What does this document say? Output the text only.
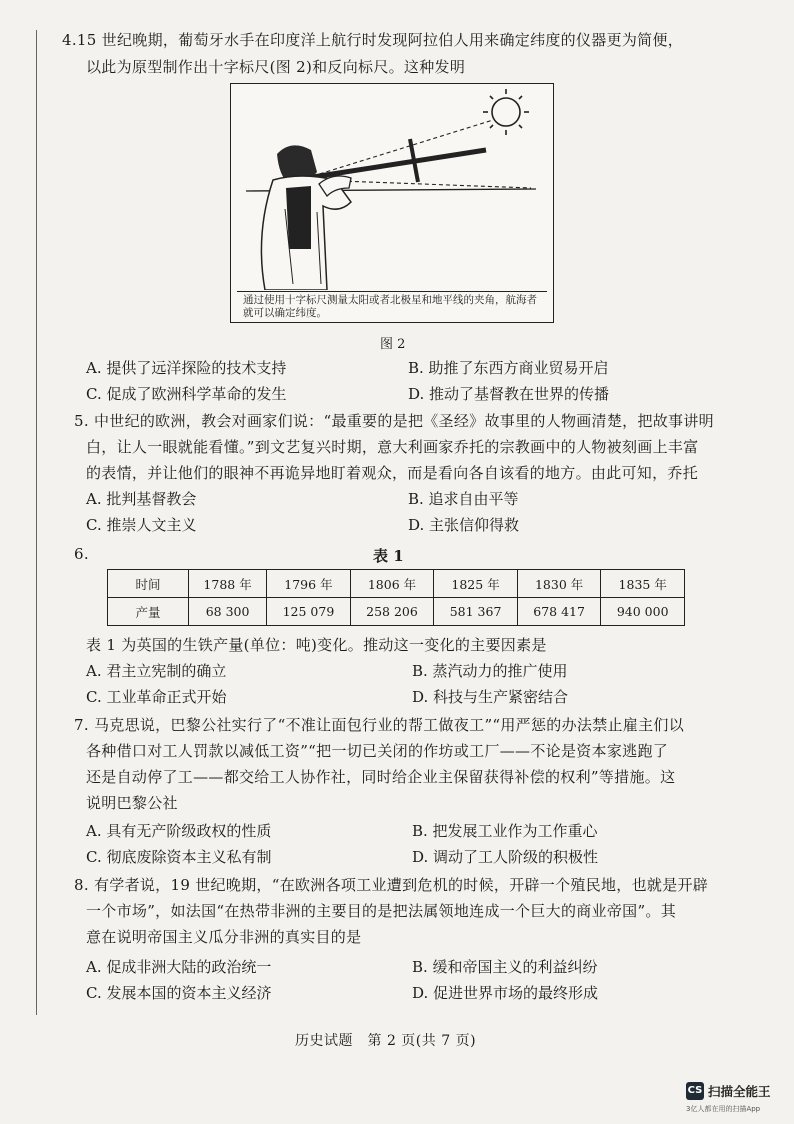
4.15 世纪晚期，葡萄牙水手在印度洋上航行时发现阿拉伯人用来确定纬度的仪器更为简便，
以此为原型制作出十字标尺(图 2)和反向标尺。这种发明
通过使用十字标尺测量太阳或者北极星和地平线的夹角，航海者就可以确定纬度。
图 2
A. 提供了远洋探险的技术支持	B. 助推了东西方商业贸易开启
C. 促成了欧洲科学革命的发生	D. 推动了基督教在世界的传播
5. 中世纪的欧洲，教会对画家们说：“最重要的是把《圣经》故事里的人物画清楚，把故事讲明
白，让人一眼就能看懂。”到文艺复兴时期，意大利画家乔托的宗教画中的人物被刻画上丰富
的表情，并让他们的眼神不再诡异地盯着观众，而是看向各自该看的地方。由此可知，乔托
A. 批判基督教会	B. 追求自由平等
C. 推崇人文主义	D. 主张信仰得救
6.	表 1
时间	1788 年	1796 年	1806 年	1825 年	1830 年	1835 年
产量	68 300	125 079	258 206	581 367	678 417	940 000
表 1 为英国的生铁产量(单位：吨)变化。推动这一变化的主要因素是
A. 君主立宪制的确立	B. 蒸汽动力的推广使用
C. 工业革命正式开始	D. 科技与生产紧密结合
7. 马克思说，巴黎公社实行了“不准让面包行业的帮工做夜工”“用严惩的办法禁止雇主们以
各种借口对工人罚款以减低工资”“把一切已关闭的作坊或工厂——不论是资本家逃跑了
还是自动停了工——都交给工人协作社，同时给企业主保留获得补偿的权利”等措施。这
说明巴黎公社
A. 具有无产阶级政权的性质	B. 把发展工业作为工作重心
C. 彻底废除资本主义私有制	D. 调动了工人阶级的积极性
8. 有学者说，19 世纪晚期，“在欧洲各项工业遭到危机的时候，开辟一个殖民地，也就是开辟
一个市场”，如法国“在热带非洲的主要目的是把法属领地连成一个巨大的商业帝国”。其
意在说明帝国主义瓜分非洲的真实目的是
A. 促成非洲大陆的政治统一	B. 缓和帝国主义的利益纠纷
C. 发展本国的资本主义经济	D. 促进世界市场的最终形成
历史试题　第 2 页(共 7 页)
CS 扫描全能王
3亿人都在用的扫描App
